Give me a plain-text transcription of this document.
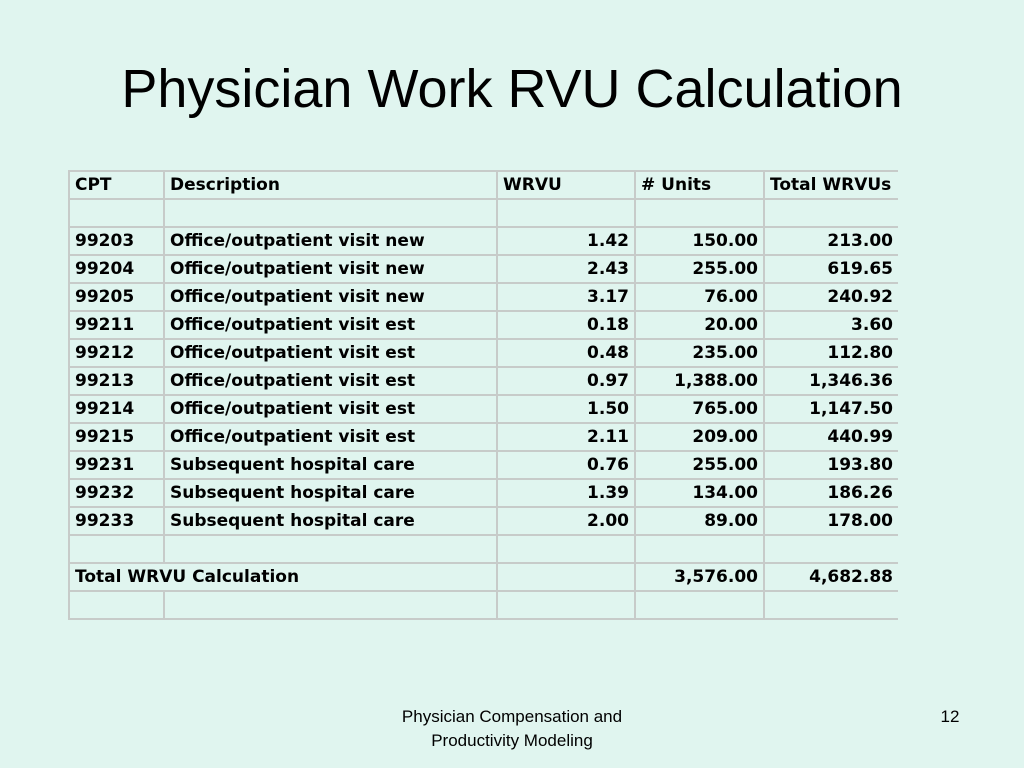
Physician Work RVU Calculation
CPT	Description	WRVU	# Units	Total WRVUs

99203	Office/outpatient visit new	1.42	150.00	213.00
99204	Office/outpatient visit new	2.43	255.00	619.65
99205	Office/outpatient visit new	3.17	76.00	240.92
99211	Office/outpatient visit est	0.18	20.00	3.60
99212	Office/outpatient visit est	0.48	235.00	112.80
99213	Office/outpatient visit est	0.97	1,388.00	1,346.36
99214	Office/outpatient visit est	1.50	765.00	1,147.50
99215	Office/outpatient visit est	2.11	209.00	440.99
99231	Subsequent hospital care	0.76	255.00	193.80
99232	Subsequent hospital care	1.39	134.00	186.26
99233	Subsequent hospital care	2.00	89.00	178.00

Total WRVU Calculation			3,576.00	4,682.88

Physician Compensation and
Productivity Modeling
12
